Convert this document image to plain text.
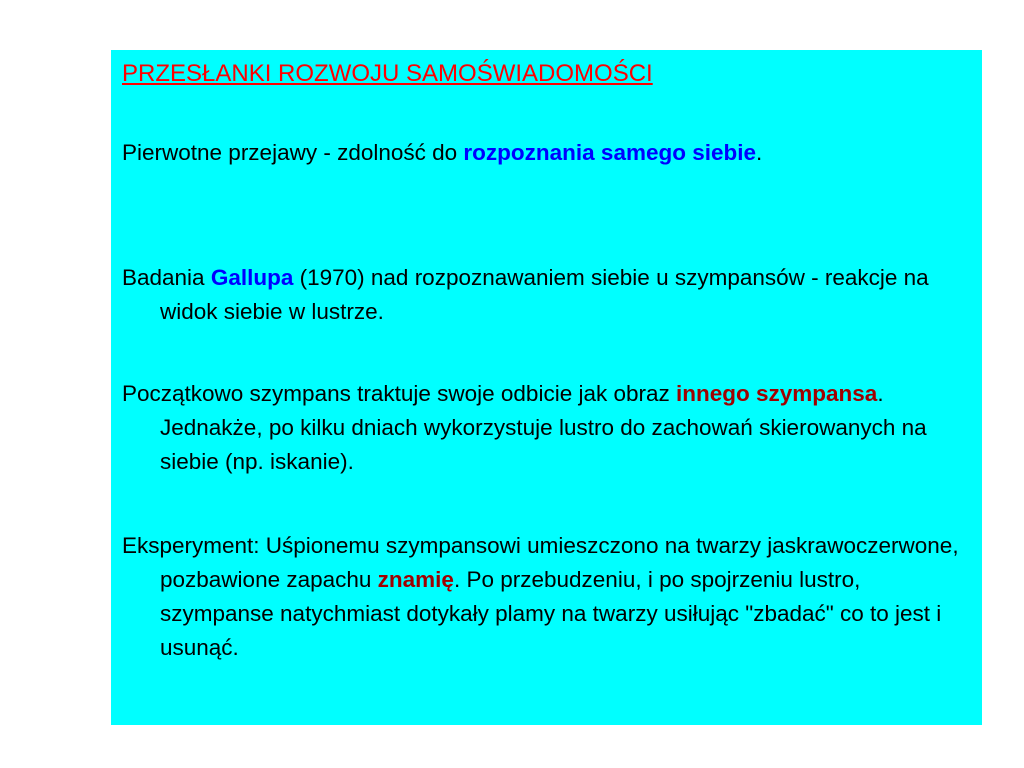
PRZESŁANKI ROZWOJU SAMOŚWIADOMOŚCI

Pierwotne przejawy - zdolność do rozpoznania samego siebie.

Badania Gallupa (1970) nad rozpoznawaniem siebie u szympansów - reakcje na widok siebie w lustrze.

Początkowo szympans traktuje swoje odbicie jak obraz innego szympansa. Jednakże, po kilku dniach wykorzystuje lustro do zachowań skierowanych na siebie (np. iskanie).

Eksperyment: Uśpionemu szympansowi umieszczono na twarzy jaskrawoczerwone, pozbawione zapachu znamię. Po przebudzeniu, i po spojrzeniu lustro, szympanse natychmiast dotykały plamy na twarzy usiłując "zbadać" co to jest i usunąć.
